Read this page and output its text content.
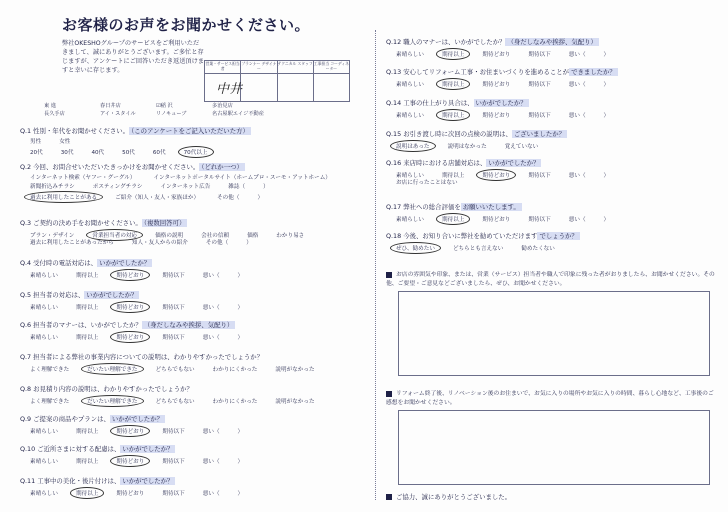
お客様のお声をお聞かせください。
弊社OKESHOグループのサービスをご利用いただきまして、誠にありがとうございます。ご多忙と存じますが、アンケートにご回答いただき返送頂けますと幸いに存じます。
営業・サービス担当者
プランナー デザイナー
テクニカル スタッフ 工事担当 コーディネーター
中井
東 進	春日井店	☑稲 沢	多治見店
長久手店	アイ・スタイル	リノキューブ	名古屋駅エイジ不動産
Q.1 性別・年代をお聞かせください。 （このアンケートをご記入いただいた方）
男性	女性
20代	30代	40代	50代	60代	70代以上
Q.2 今回、お問合せいただいたきっかけをお聞かせください。 （どれか一つ）
インターネット検索（ヤフー・グーグル）	インターネットポータルサイト（ホームプロ・スーモ・アットホーム）
新聞折込みチラシ	ポスティングチラシ	インターネット広告	雑誌（	）
過去に利用したことがある	ご紹介（知人・友人・家族ほか）	その他（	）
Q.3 ご契約の決め手をお聞かせください。 （複数回答可）
プラン・デザイン	営業担当者の対応	価格の説明	会社の信頼	価格	わかり易さ
過去に利用したことがあったから	知人・友人からの紹介	その他（	）
Q.4 受付時の電話対応は、 いかがでしたか？
素晴らしい	期待以上	期待どおり	期待以下	悪い（	）
Q.5 担当者の対応は、 いかがでしたか？
素晴らしい	期待以上	期待どおり	期待以下	悪い（	）
Q.6 担当者のマナーは、いかがでしたか？ （身だしなみや挨拶、気配り）
素晴らしい	期待以上	期待どおり	期待以下	悪い（	）
Q.7 担当者による弊社の事業内容についての説明は、わかりやすかったでしょうか？
よく理解できた	だいたい理解できた	どちらでもない	わかりにくかった	説明がなかった
Q.8 お見積り内容の説明は、わかりやすかったでしょうか？
よく理解できた	だいたい理解できた	どちらでもない	わかりにくかった	説明がなかった
Q.9 ご提案の商品やプランは、 いかがでしたか？
素晴らしい	期待以上	期待どおり	期待以下	悪い（	）
Q.10 ご近所さまに対する配慮は、 いかがでしたか？
素晴らしい	期待以上	期待どおり	期待以下	悪い（	）
Q.11 工事中の美化・後片付けは、 いかがでしたか？
素晴らしい	期待以上	期待どおり	期待以下	悪い（	）
Q.12 職人のマナーは、いかがでしたか？ （身だしなみや挨拶、気配り）
素晴らしい	期待以上	期待どおり	期待以下	悪い（	）
Q.13 安心してリフォーム工事・お住まいづくりを進めることが できましたか？
素晴らしい	期待以上	期待どおり	期待以下	悪い（	）
Q.14 工事の仕上がり具合は、 いかがでしたか？
素晴らしい	期待以上	期待どおり	期待以下	悪い（	）
Q.15 お引き渡し時に次回の点検の説明は、 ございましたか？
説明はあった	説明はなかった	覚えていない
Q.16 来店時における店舗対応は、 いかがでしたか？
素晴らしい	期待以上	期待どおり	期待以下	悪い（	）
お店に行ったことはない
Q.17 弊社への総合評価を お願いいたします。
素晴らしい	期待以上	期待どおり	期待以下	悪い（	）
Q.18 今後、お知り合いに弊社を勧めていただけます でしょうか？
ぜひ、勧めたい	どちらとも言えない	勧めたくない
お店の雰囲気や印象、または、営業（サービス）担当者や職人で印象に残った者がおりましたら、お聞かせください。その他、ご要望・ご意見などございましたら、ぜひ、お聞かせください。
リフォーム終了後、リノベーション後のお住まいで、お気に入りの場所やお気に入りの時間、暮らし心地など、工事後のご感想をお聞かせください。
ご協力、誠にありがとうございました。
